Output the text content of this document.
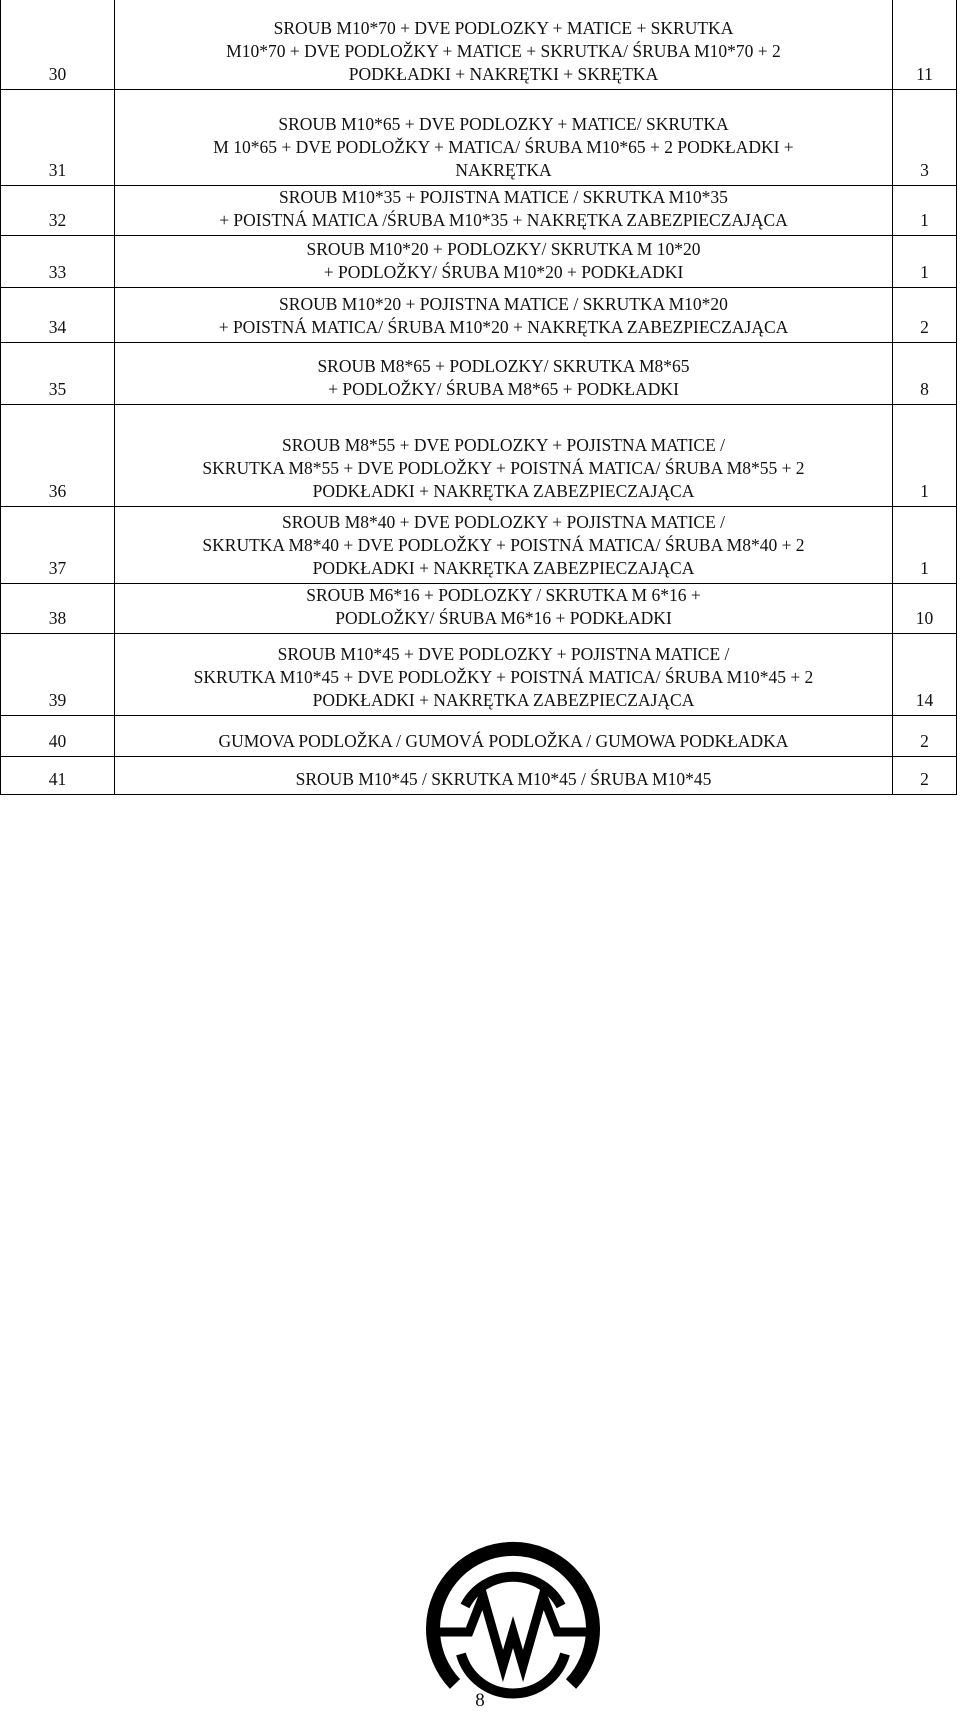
30	SROUB M10*70 + DVE PODLOZKY + MATICE + SKRUTKA
M10*70 + DVE PODLOŽKY + MATICE + SKRUTKA/ ŚRUBA M10*70 + 2
PODKŁADKI + NAKRĘTKI + SKRĘTKA	11
31	SROUB M10*65 + DVE PODLOZKY + MATICE/ SKRUTKA
M 10*65 + DVE PODLOŽKY + MATICA/ ŚRUBA M10*65 + 2 PODKŁADKI +
NAKRĘTKA	3
32	SROUB M10*35 + POJISTNA MATICE / SKRUTKA M10*35
+ POISTNÁ MATICA /ŚRUBA M10*35 + NAKRĘTKA ZABEZPIECZAJĄCA	1
33	SROUB M10*20 + PODLOZKY/ SKRUTKA M 10*20
+ PODLOŽKY/ ŚRUBA M10*20 + PODKŁADKI	1
34	SROUB M10*20 + POJISTNA MATICE / SKRUTKA M10*20
+ POISTNÁ MATICA/ ŚRUBA M10*20 + NAKRĘTKA ZABEZPIECZAJĄCA	2
35	SROUB M8*65 + PODLOZKY/ SKRUTKA M8*65
+ PODLOŽKY/ ŚRUBA M8*65 + PODKŁADKI	8
36	SROUB M8*55 + DVE PODLOZKY + POJISTNA MATICE /
SKRUTKA M8*55 + DVE PODLOŽKY + POISTNÁ MATICA/ ŚRUBA M8*55 + 2
PODKŁADKI + NAKRĘTKA ZABEZPIECZAJĄCA	1
37	SROUB M8*40 + DVE PODLOZKY + POJISTNA MATICE /
SKRUTKA M8*40 + DVE PODLOŽKY + POISTNÁ MATICA/ ŚRUBA M8*40 + 2
PODKŁADKI + NAKRĘTKA ZABEZPIECZAJĄCA	1
38	SROUB M6*16 + PODLOZKY / SKRUTKA M 6*16 +
PODLOŽKY/ ŚRUBA M6*16 + PODKŁADKI	10
39	SROUB M10*45 + DVE PODLOZKY + POJISTNA MATICE /
SKRUTKA M10*45 + DVE PODLOŽKY + POISTNÁ MATICA/ ŚRUBA M10*45 + 2
PODKŁADKI + NAKRĘTKA ZABEZPIECZAJĄCA	14
40	GUMOVA PODLOŽKA / GUMOVÁ PODLOŽKA / GUMOWA PODKŁADKA	2
41	SROUB M10*45 / SKRUTKA M10*45 / ŚRUBA M10*45	2
8
